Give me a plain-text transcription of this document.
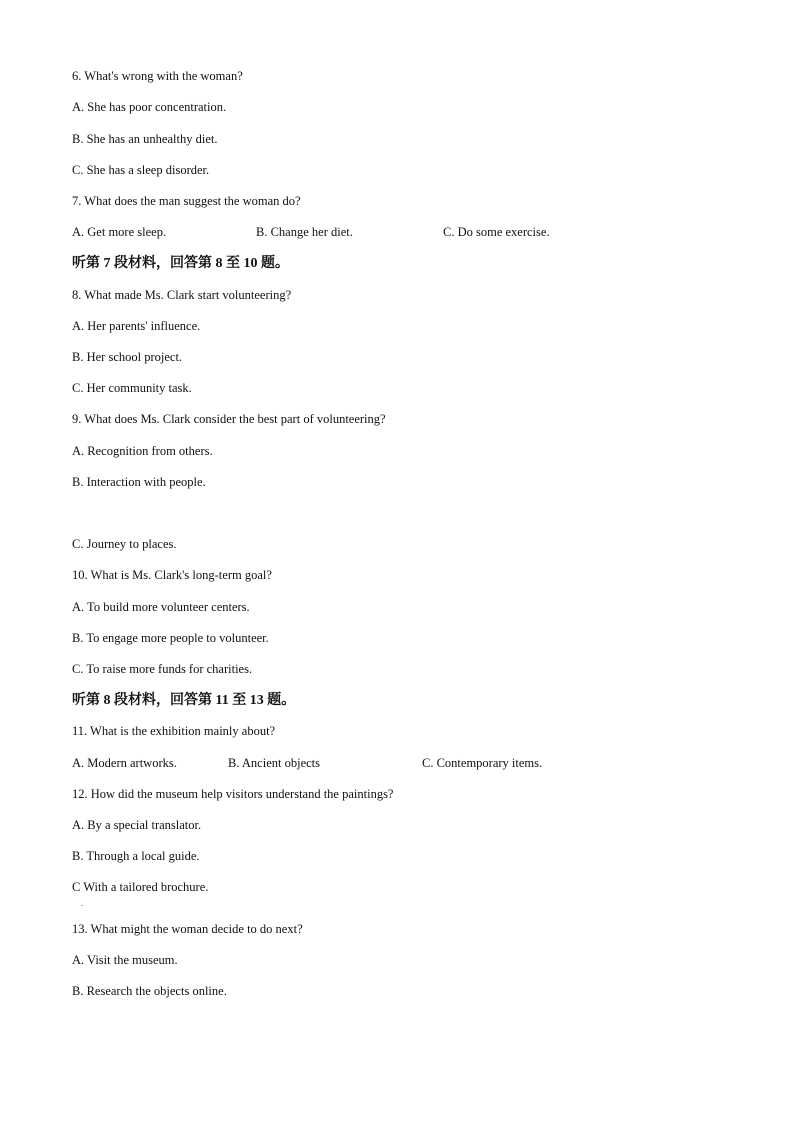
6. What's wrong with the woman?
A. She has poor concentration.
B. She has an unhealthy diet.
C. She has a sleep disorder.
7. What does the man suggest the woman do?
A. Get more sleep.	B. Change her diet.	C. Do some exercise.
听第 7 段材料，回答第 8 至 10 题。
8. What made Ms. Clark start volunteering?
A. Her parents' influence.
B. Her school project.
C. Her community task.
9. What does Ms. Clark consider the best part of volunteering?
A. Recognition from others.
B. Interaction with people.
C. Journey to places.
10. What is Ms. Clark's long-term goal?
A. To build more volunteer centers.
B. To engage more people to volunteer.
C. To raise more funds for charities.
听第 8 段材料，回答第 11 至 13 题。
11. What is the exhibition mainly about?
A. Modern artworks.	B. Ancient objects	C. Contemporary items.
12. How did the museum help visitors understand the paintings?
A. By a special translator.
B. Through a local guide.
C With a tailored brochure.
.
13. What might the woman decide to do next?
A. Visit the museum.
B. Research the objects online.
